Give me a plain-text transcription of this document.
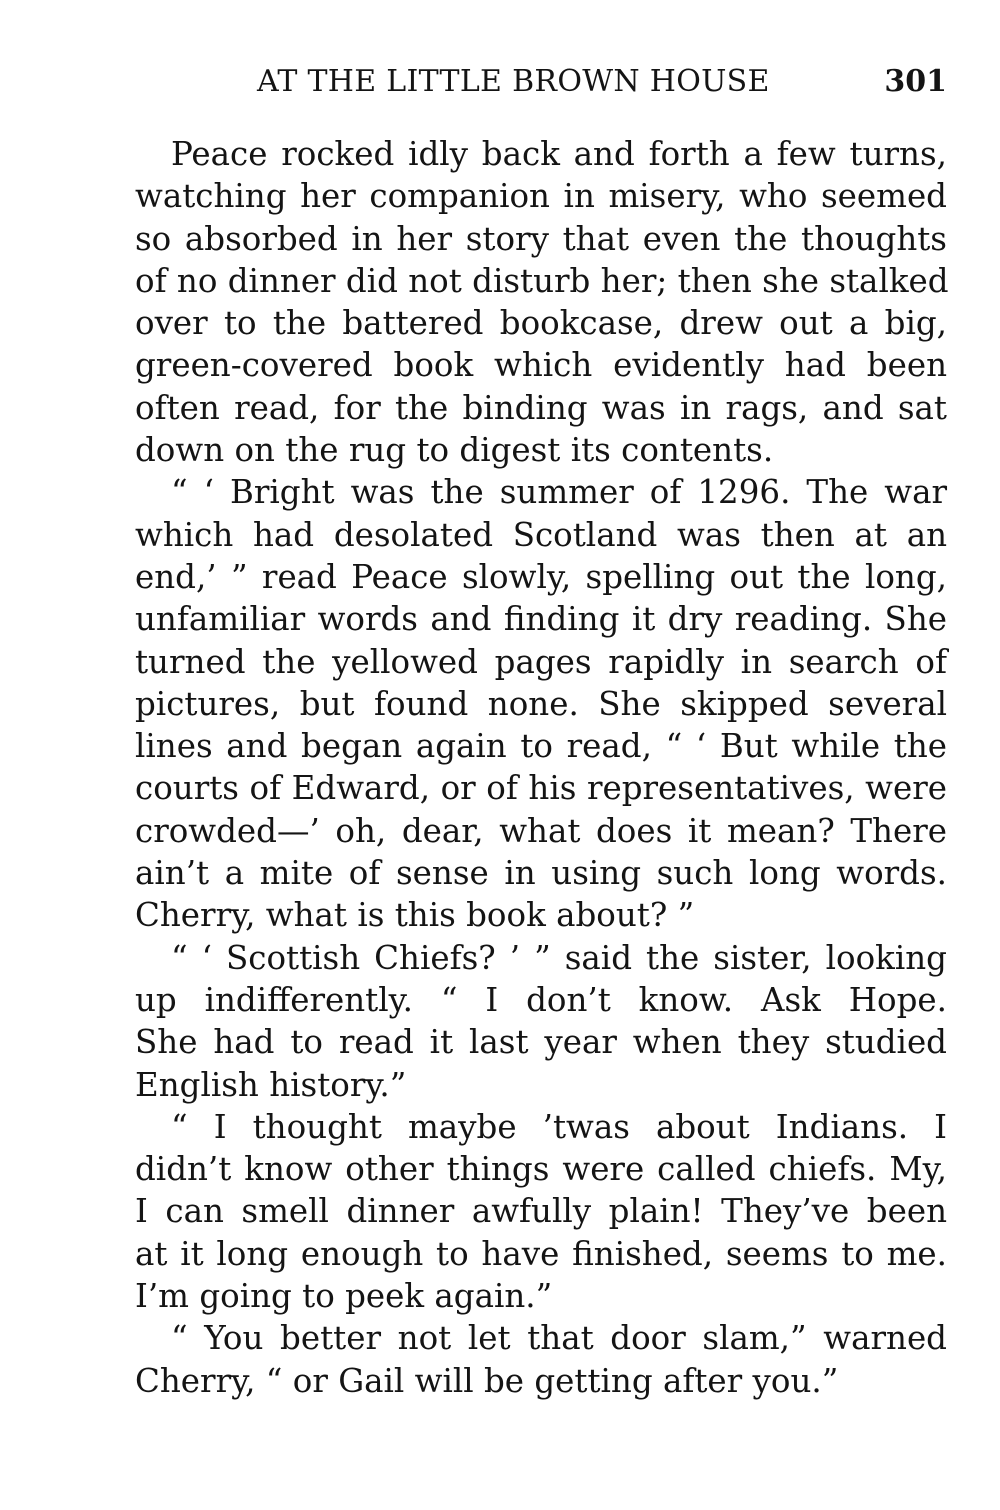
AT THE LITTLE BROWN HOUSE	301
Peace rocked idly back and forth a few turns,
watching her companion in misery, who seemed
so absorbed in her story that even the thoughts
of no dinner did not disturb her; then she stalked
over to the battered bookcase, drew out a big,
green-covered book which evidently had been
often read, for the binding was in rags, and sat
down on the rug to digest its contents.
“ ‘ Bright was the summer of 1296. The war
which had desolated Scotland was then at an
end,’ ” read Peace slowly, spelling out the long,
unfamiliar words and finding it dry reading. She
turned the yellowed pages rapidly in search of
pictures, but found none. She skipped several
lines and began again to read, “ ‘ But while the
courts of Edward, or of his representatives, were
crowded—’ oh, dear, what does it mean? There
ain’t a mite of sense in using such long words.
Cherry, what is this book about? ”
“ ‘ Scottish Chiefs? ’ ” said the sister, looking
up indifferently. “ I don’t know. Ask Hope.
She had to read it last year when they studied
English history.”
“ I thought maybe ’twas about Indians. I
didn’t know other things were called chiefs. My,
I can smell dinner awfully plain! They’ve been
at it long enough to have finished, seems to me.
I’m going to peek again.”
“ You better not let that door slam,” warned
Cherry, “ or Gail will be getting after you.”
